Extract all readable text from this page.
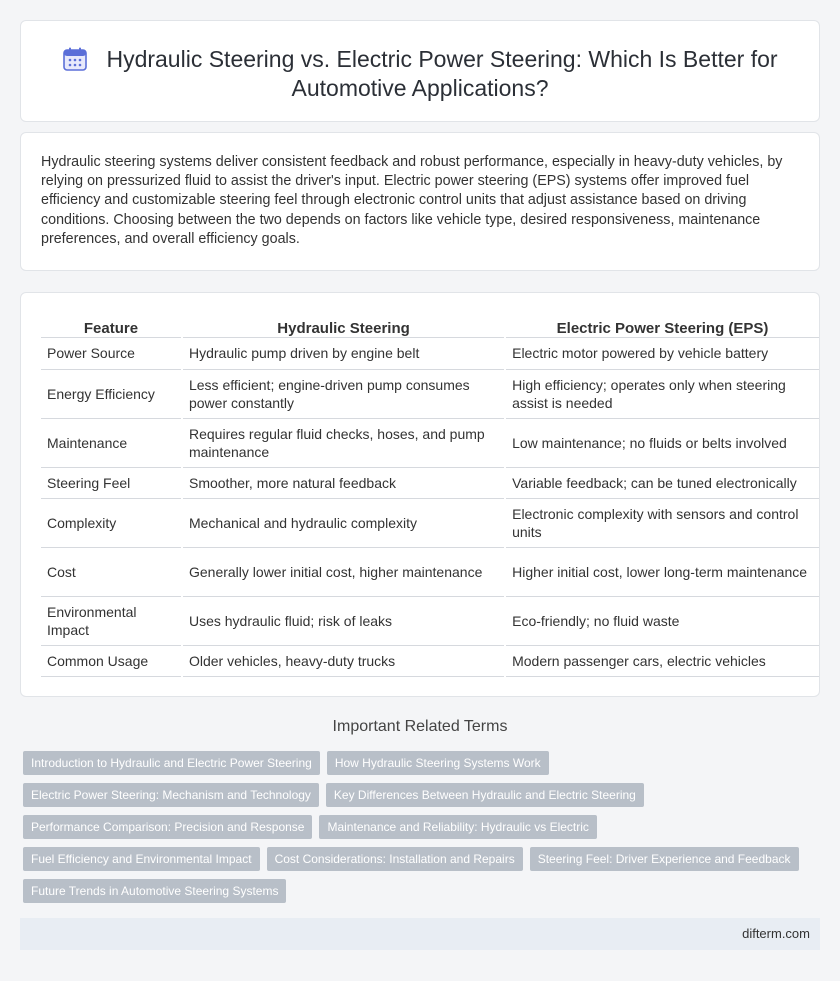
Hydraulic Steering vs. Electric Power Steering: Which Is Better for Automotive Applications?

Hydraulic steering systems deliver consistent feedback and robust performance, especially in heavy-duty vehicles, by relying on pressurized fluid to assist the driver's input. Electric power steering (EPS) systems offer improved fuel efficiency and customizable steering feel through electronic control units that adjust assistance based on driving conditions. Choosing between the two depends on factors like vehicle type, desired responsiveness, maintenance preferences, and overall efficiency goals.

Feature	Hydraulic Steering	Electric Power Steering (EPS)
Power Source	Hydraulic pump driven by engine belt	Electric motor powered by vehicle battery
Energy Efficiency	Less efficient; engine-driven pump consumes power constantly	High efficiency; operates only when steering assist is needed
Maintenance	Requires regular fluid checks, hoses, and pump maintenance	Low maintenance; no fluids or belts involved
Steering Feel	Smoother, more natural feedback	Variable feedback; can be tuned electronically
Complexity	Mechanical and hydraulic complexity	Electronic complexity with sensors and control units
Cost	Generally lower initial cost, higher maintenance	Higher initial cost, lower long-term maintenance
Environmental Impact	Uses hydraulic fluid; risk of leaks	Eco-friendly; no fluid waste
Common Usage	Older vehicles, heavy-duty trucks	Modern passenger cars, electric vehicles
Important Related Terms
Introduction to Hydraulic and Electric Power Steering	How Hydraulic Steering Systems Work
Electric Power Steering: Mechanism and Technology	Key Differences Between Hydraulic and Electric Steering
Performance Comparison: Precision and Response	Maintenance and Reliability: Hydraulic vs Electric
Fuel Efficiency and Environmental Impact	Cost Considerations: Installation and Repairs	Steering Feel: Driver Experience and Feedback
Future Trends in Automotive Steering Systems
difterm.com
